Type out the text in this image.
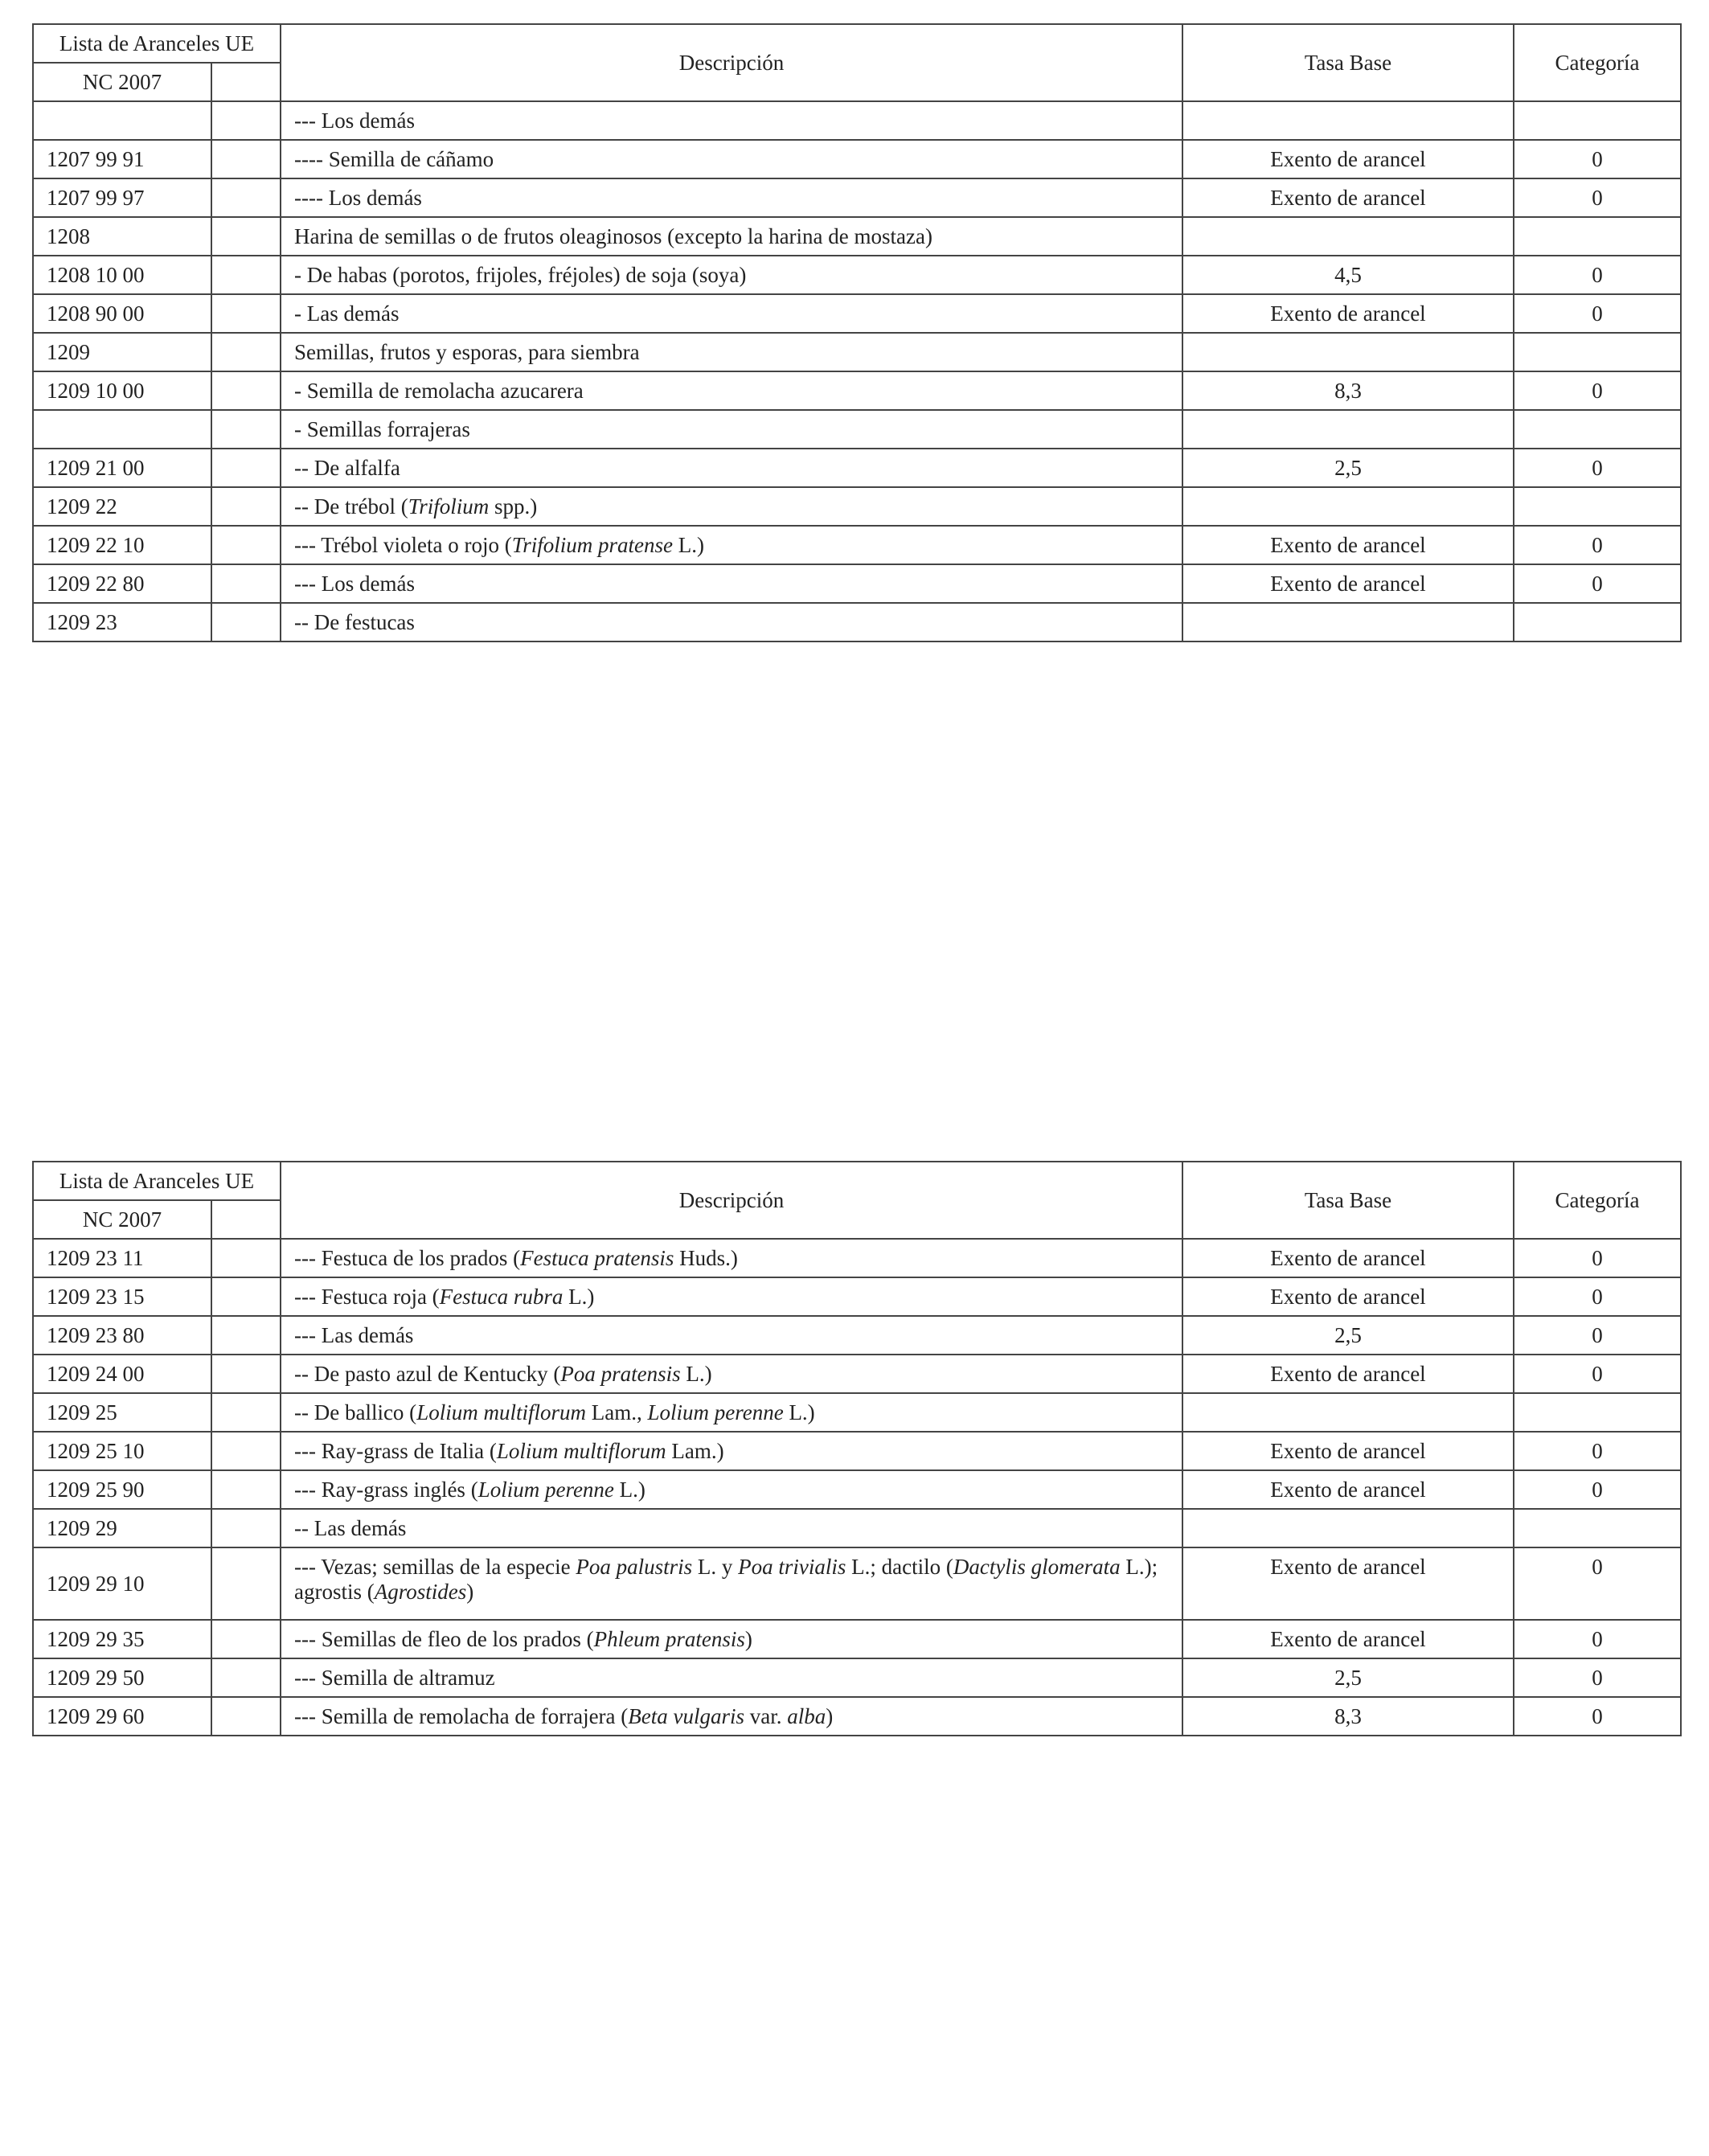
Lista de Aranceles UE		Descripción	Tasa Base	Categoría
NC 2007				
		--- Los demás		
1207 99 91		---- Semilla de cáñamo	Exento de arancel	0
1207 99 97		---- Los demás	Exento de arancel	0
1208		Harina de semillas o de frutos oleaginosos (excepto la harina de mostaza)		
1208 10 00		- De habas (porotos, frijoles, fréjoles) de soja (soya)	4,5	0
1208 90 00		- Las demás	Exento de arancel	0
1209		Semillas, frutos y esporas, para siembra		
1209 10 00		- Semilla de remolacha azucarera	8,3	0
		- Semillas forrajeras		
1209 21 00		-- De alfalfa	2,5	0
1209 22		-- De trébol (Trifolium spp.)		
1209 22 10		--- Trébol violeta o rojo (Trifolium pratense L.)	Exento de arancel	0
1209 22 80		--- Los demás	Exento de arancel	0
1209 23		-- De festucas		
Lista de Aranceles UE		Descripción	Tasa Base	Categoría
NC 2007				
1209 23 11		--- Festuca de los prados (Festuca pratensis Huds.)	Exento de arancel	0
1209 23 15		--- Festuca roja (Festuca rubra L.)	Exento de arancel	0
1209 23 80		--- Las demás	2,5	0
1209 24 00		-- De pasto azul de Kentucky (Poa pratensis L.)	Exento de arancel	0
1209 25		-- De ballico (Lolium multiflorum Lam., Lolium perenne L.)		
1209 25 10		--- Ray-grass de Italia (Lolium multiflorum Lam.)	Exento de arancel	0
1209 25 90		--- Ray-grass inglés (Lolium perenne L.)	Exento de arancel	0
1209 29		-- Las demás		
1209 29 10		--- Vezas; semillas de la especie Poa palustris L. y Poa trivialis L.; dactilo (Dactylis glomerata L.); agrostis (Agrostides)	Exento de arancel	0
1209 29 35		--- Semillas de fleo de los prados (Phleum pratensis)	Exento de arancel	0
1209 29 50		--- Semilla de altramuz	2,5	0
1209 29 60		--- Semilla de remolacha de forrajera (Beta vulgaris var. alba)	8,3	0
